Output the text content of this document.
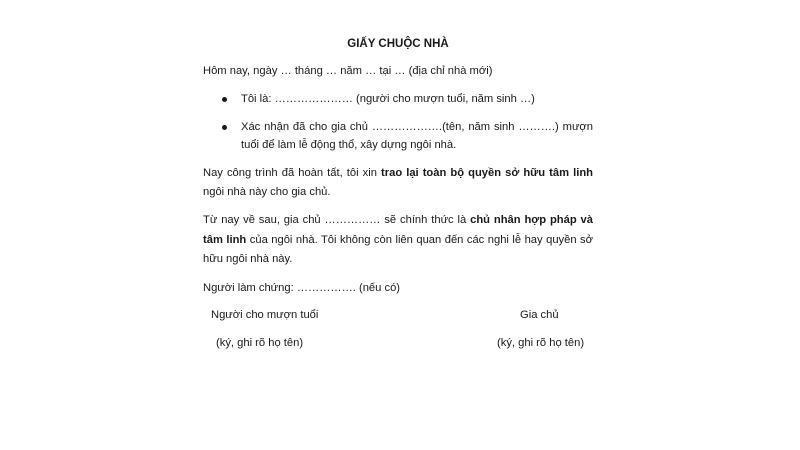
GIẤY CHUỘC NHÀ
Hôm nay, ngày … tháng … năm … tại … (địa chỉ nhà mới)
Tôi là: ………………… (người cho mượn tuổi, năm sinh …)
Xác nhận đã cho gia chủ ……………….(tên, năm sinh ……….) mượn
tuổi để làm lễ động thổ, xây dựng ngôi nhà.
Nay công trình đã hoàn tất, tôi xin trao lại toàn bộ quyền sở hữu tâm linh
ngôi nhà này cho gia chủ.
Từ nay về sau, gia chủ …………… sẽ chính thức là chủ nhân hợp pháp và
tâm linh của ngôi nhà. Tôi không còn liên quan đến các nghi lễ hay quyền sở
hữu ngôi nhà này.
Người làm chứng: ……………. (nếu có)
Người cho mượn tuổi
(ký, ghi rõ họ tên)
Gia chủ
(ký, ghi rõ họ tên)
